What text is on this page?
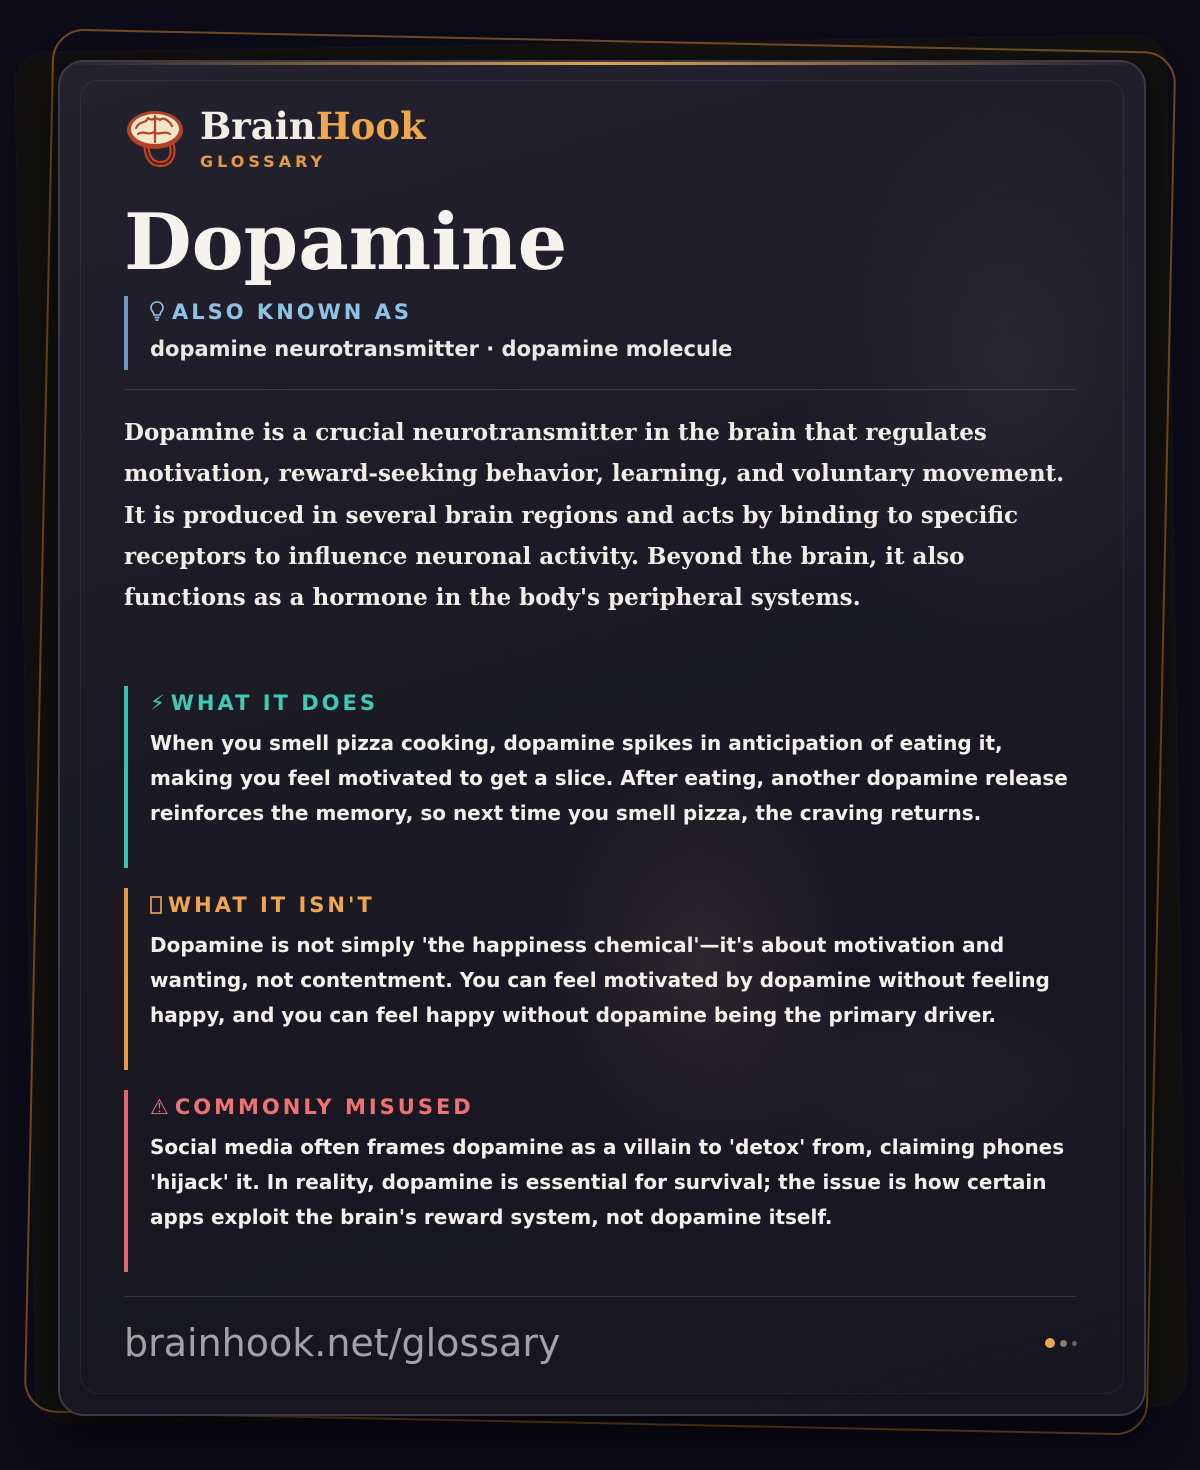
BrainHook
GLOSSARY
Dopamine
ALSO KNOWN AS
dopamine neurotransmitter · dopamine molecule

Dopamine is a crucial neurotransmitter in the brain that regulates motivation, reward-seeking behavior, learning, and voluntary movement. It is produced in several brain regions and acts by binding to specific receptors to influence neuronal activity. Beyond the brain, it also functions as a hormone in the body's peripheral systems.

⚡ WHAT IT DOES
When you smell pizza cooking, dopamine spikes in anticipation of eating it, making you feel motivated to get a slice. After eating, another dopamine release reinforces the memory, so next time you smell pizza, the craving returns.
WHAT IT ISN'T
Dopamine is not simply 'the happiness chemical'—it's about motivation and wanting, not contentment. You can feel motivated by dopamine without feeling happy, and you can feel happy without dopamine being the primary driver.
⚠ COMMONLY MISUSED
Social media often frames dopamine as a villain to 'detox' from, claiming phones 'hijack' it. In reality, dopamine is essential for survival; the issue is how certain apps exploit the brain's reward system, not dopamine itself.
brainhook.net/glossary
